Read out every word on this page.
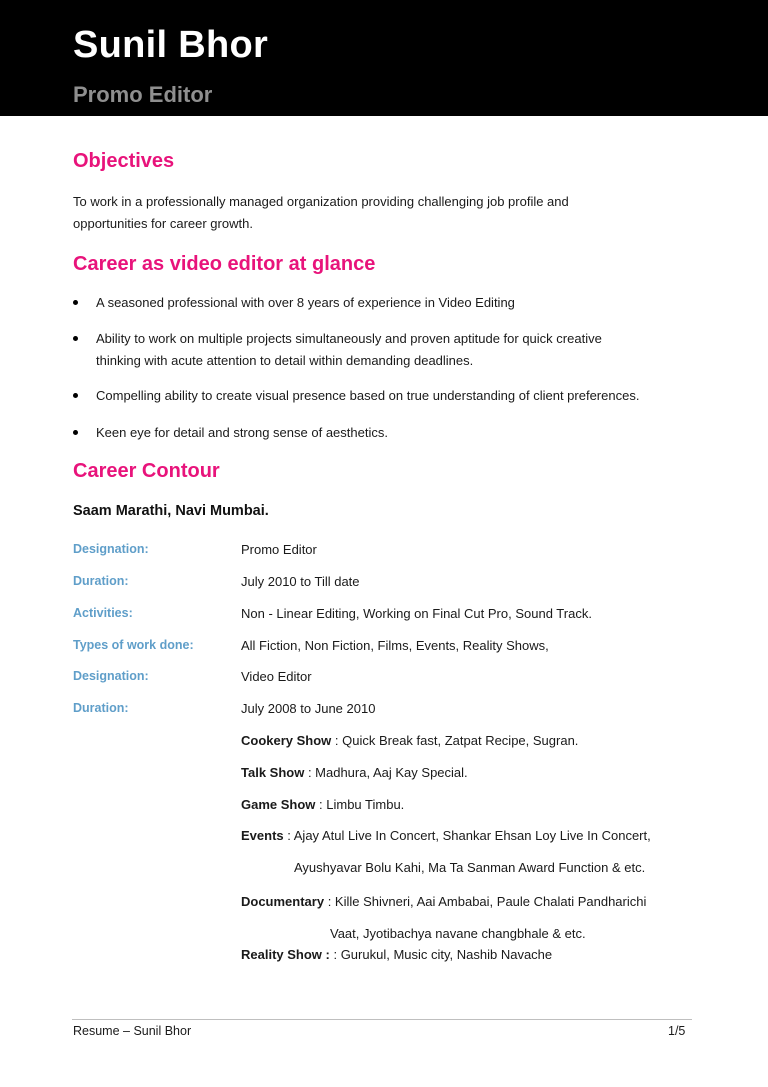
Sunil Bhor
Promo Editor
Objectives

To work in a professionally managed organization providing challenging job profile and

opportunities for career growth.

Career as video editor at glance
A seasoned professional with over 8 years of experience in Video Editing
Ability to work on multiple projects simultaneously and proven aptitude for quick creative
thinking with acute attention to detail within demanding deadlines.
Compelling ability to create visual presence based on true understanding of client preferences.
Keen eye for detail and strong sense of aesthetics.
Career Contour

Saam Marathi, Navi Mumbai.

Designation:	Promo Editor
Duration:	July 2010 to Till date
Activities:	Non - Linear Editing, Working on Final Cut Pro, Sound Track.
Types of work done:	All Fiction, Non Fiction, Films, Events, Reality Shows,
Designation:	Video Editor
Duration:	July 2008 to June 2010
Cookery Show : Quick Break fast, Zatpat Recipe, Sugran.
Talk Show : Madhura, Aaj Kay Special.
Game Show : Limbu Timbu.
Events : Ajay Atul Live In Concert, Shankar Ehsan Loy Live In Concert,
Ayushyavar Bolu Kahi, Ma Ta Sanman Award Function & etc.
Documentary : Kille Shivneri, Aai Ambabai, Paule Chalati Pandharichi
Vaat, Jyotibachya navane changbhale & etc.
Reality Show : : Gurukul, Music city, Nashib Navache
Resume – Sunil Bhor	1/5
